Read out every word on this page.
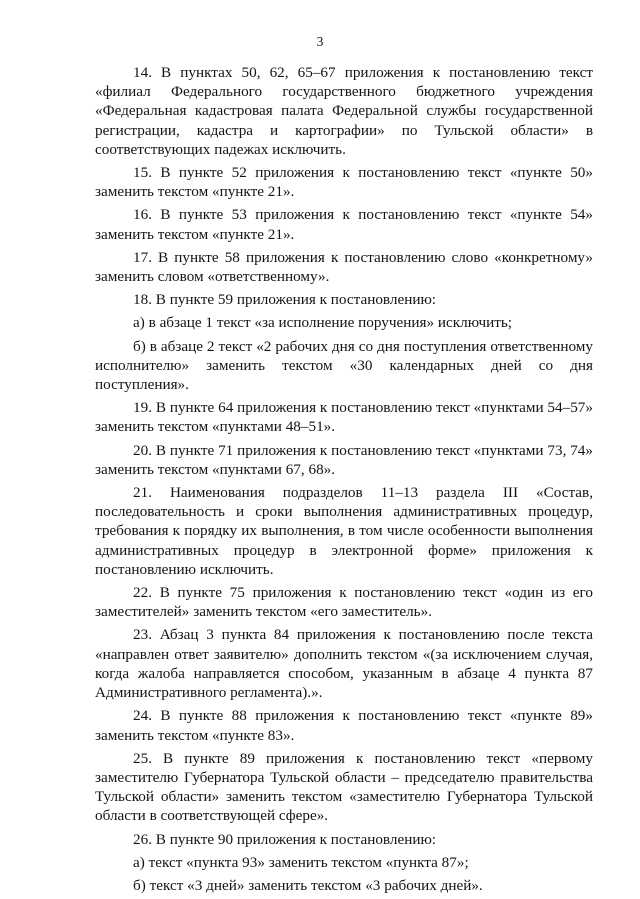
3

14. В пунктах 50, 62, 65–67 приложения к постановлению текст «филиал Федерального государственного бюджетного учреждения «Федеральная кадастровая палата Федеральной службы государственной регистрации, кадастра и картографии» по Тульской области» в соответствующих падежах исключить.

15. В пункте 52 приложения к постановлению текст «пункте 50» заменить текстом «пункте 21».

16. В пункте 53 приложения к постановлению текст «пункте 54» заменить текстом «пункте 21».

17. В пункте 58 приложения к постановлению слово «конкретному» заменить словом «ответственному».

18. В пункте 59 приложения к постановлению:

а) в абзаце 1 текст «за исполнение поручения» исключить;

б) в абзаце 2 текст «2 рабочих дня со дня поступления ответственному исполнителю» заменить текстом «30 календарных дней со дня поступления».

19. В пункте 64 приложения к постановлению текст «пунктами 54–57» заменить текстом «пунктами 48–51».

20. В пункте 71 приложения к постановлению текст «пунктами 73, 74» заменить текстом «пунктами 67, 68».

21. Наименования подразделов 11–13 раздела III «Состав, последовательность и сроки выполнения административных процедур, требования к порядку их выполнения, в том числе особенности выполнения административных процедур в электронной форме» приложения к постановлению исключить.

22. В пункте 75 приложения к постановлению текст «один из его заместителей» заменить текстом «его заместитель».

23. Абзац 3 пункта 84 приложения к постановлению после текста «направлен ответ заявителю» дополнить текстом «(за исключением случая, когда жалоба направляется способом, указанным в абзаце 4 пункта 87 Административного регламента).».

24. В пункте 88 приложения к постановлению текст «пункте 89» заменить текстом «пункте 83».

25. В пункте 89 приложения к постановлению текст «первому заместителю Губернатора Тульской области – председателю правительства Тульской области» заменить текстом «заместителю Губернатора Тульской области в соответствующей сфере».

26. В пункте 90 приложения к постановлению:

а) текст «пункта 93» заменить текстом «пункта 87»;

б) текст «3 дней» заменить текстом «3 рабочих дней».
